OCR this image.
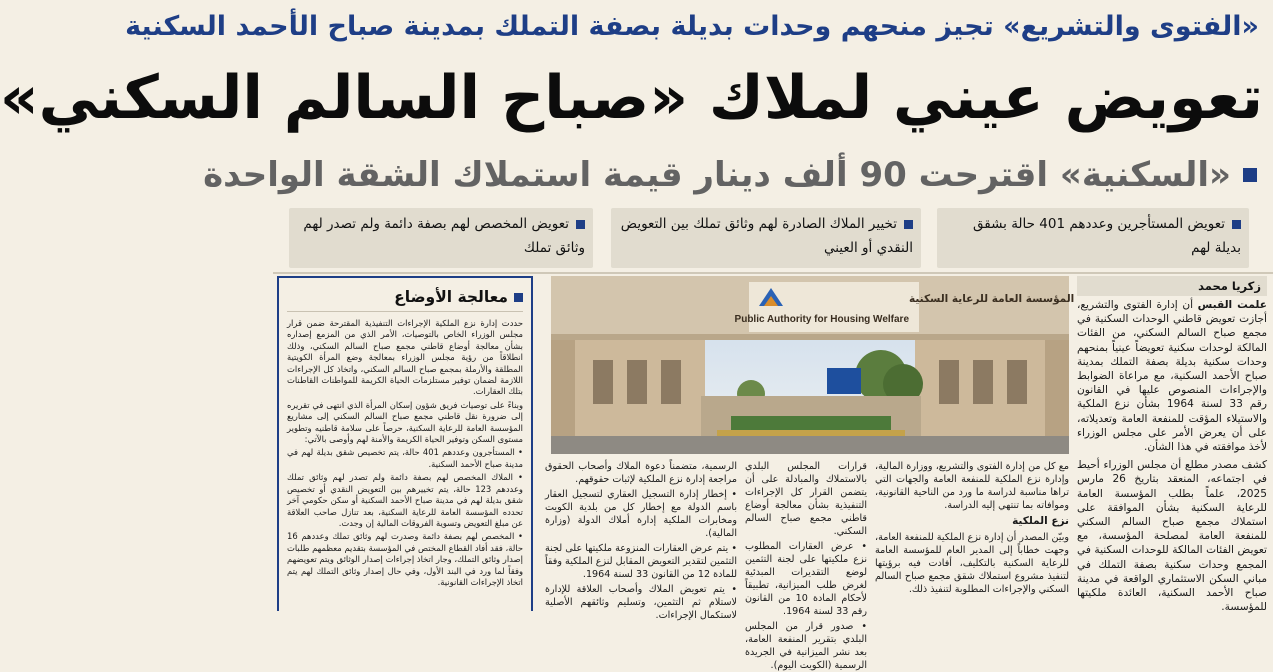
«الفتوى والتشريع» تجيز منحهم وحدات بديلة بصفة التملك بمدينة صباح الأحمد السكنية
تعويض عيني لملاك «صباح السالم السكني»
«السكنية» اقترحت 90 ألف دينار قيمة استملاك الشقة الواحدة
تعويض المستأجرين وعددهم 401 حالة بشقق بديلة لهم
تخيير الملاك الصادرة لهم وثائق تملك بين التعويض النقدي أو العيني
تعويض المخصص لهم بصفة دائمة ولم تصدر لهم وثائق تملك
زكريا محمد

علمت القبس أن إدارة الفتوى والتشريع، أجازت تعويض قاطني الوحدات السكنية في مجمع صباح السالم السكني، من الفئات المالكة لوحدات سكنية تعويضاً عينياً بمنحهم وحدات سكنية بديلة بصفة التملك بمدينة صباح الأحمد السكنية، مع مراعاة الضوابط والإجراءات المنصوص عليها في القانون رقم 33 لسنة 1964 بشأن نزع الملكية والاستيلاء المؤقت للمنفعة العامة وتعديلاته، على أن يعرض الأمر على مجلس الوزراء لأخذ موافقته في هذا الشأن.

كشف مصدر مطلع أن مجلس الوزراء أحيط في اجتماعه، المنعقد بتاريخ 26 مارس 2025، علماً بطلب المؤسسة العامة للرعاية السكنية بشأن الموافقة على استملاك مجمع صباح السالم السكني للمنفعة العامة لمصلحة المؤسسة، مع تعويض الفئات المالكة للوحدات السكنية في المجمع وحدات سكنية بصفة التملك في مباني السكن الاستثماري الواقعة في مدينة صباح الأحمد السكنية، العائدة ملكيتها للمؤسسة.

المؤسسة العامة للرعاية السكنية
Public Authority for Housing Welfare

مع كل من إدارة الفتوى والتشريع، ووزارة المالية، وإدارة نزع الملكية للمنفعة العامة والجهات التي تراها مناسبة لدراسة ما ورد من الناحية القانونية، وموافاته بما تنتهي إليه الدراسة.

نزع الملكية

وبيّن المصدر أن إدارة نزع الملكية للمنفعة العامة، وجهت خطاباً إلى المدير العام للمؤسسة العامة للرعاية السكنية بالتكليف، أفادت فيه برؤيتها لتنفيذ مشروع استملاك شقق مجمع صباح السالم السكني والإجراءات المطلوبة لتنفيذ ذلك.

قرارات المجلس البلدي بالاستملاك والمبادلة على أن يتضمن القرار كل الإجراءات التنفيذية بشأن معالجة أوضاع قاطني مجمع صباح السالم السكني.

• عرض العقارات المطلوب نزع ملكيتها على لجنة التثمين لوضع التقديرات المبدئية لغرض طلب الميزانية، تطبيقاً لأحكام المادة 10 من القانون رقم 33 لسنة 1964.

• صدور قرار من المجلس البلدي بتقرير المنفعة العامة، بعد نشر الميزانية في الجريدة الرسمية (الكويت اليوم).

الرسمية، متضمناً دعوة الملاك وأصحاب الحقوق مراجعة إدارة نزع الملكية لإثبات حقوقهم.

• إخطار إدارة التسجيل العقاري لتسجيل العقار باسم الدولة مع إخطار كل من بلدية الكويت ومخابرات الملكية إدارة أملاك الدولة (وزارة المالية).

• يتم عرض العقارات المنزوعة ملكيتها على لجنة التثمين لتقدير التعويض المقابل لنزع الملكية وفقاً للمادة 12 من القانون 33 لسنة 1964.

• يتم تعويض الملاك وأصحاب العلاقة للإدارة لاستلام ثم التثمين، وتسليم وثائقهم الأصلية لاستكمال الإجراءات.

معالجة الأوضاع

حددت إدارة نزع الملكية الإجراءات التنفيذية المقترحة ضمن قرار مجلس الوزراء الخاص بالتوصيات، الأمر الذي من المزمع إصداره بشأن معالجة أوضاع قاطني مجمع صباح السالم السكني، وذلك انطلاقاً من رؤية مجلس الوزراء بمعالجة وضع المرأة الكويتية المطلقة والأرملة بمجمع صباح السالم السكني، واتخاذ كل الإجراءات اللازمة لضمان توفير مستلزمات الحياة الكريمة للمواطنات القاطنات بتلك العقارات.

وبناءً على توصيات فريق شؤون إسكان المرأة الذي انتهى في تقريره إلى ضرورة نقل قاطني مجمع صباح السالم السكني إلى مشاريع المؤسسة العامة للرعاية السكنية، حرصاً على سلامة قاطنيه وتطوير مستوى السكن وتوفير الحياة الكريمة والأمنة لهم وأوصى بالآتي:

• المستأجرون وعددهم 401 حالة، يتم تخصيص شقق بديلة لهم في مدينة صباح الأحمد السكنية.

• الملاك المخصص لهم بصفة دائمة ولم تصدر لهم وثائق تملك وعددهم 123 حالة، يتم تخييرهم بين التعويض النقدي أو تخصيص شقق بديلة لهم في مدينة صباح الأحمد السكنية أو سكن حكومي آخر تحدده المؤسسة العامة للرعاية السكنية، بعد تنازل صاحب العلاقة عن مبلغ التعويض وتسوية الفروقات المالية إن وجدت.

• المخصص لهم بصفة دائمة وصدرت لهم وثائق تملك وعددهم 16 حالة، فقد أفاد القطاع المختص في المؤسسة بتقديم معظمهم طلبات إصدار وثائق التملك، وجار اتخاذ إجراءات إصدار الوثائق ويتم تعويضهم وفقاً لما ورد في البند الأول، وفي حال إصدار وثائق التملك لهم يتم اتخاذ الإجراءات القانونية.
